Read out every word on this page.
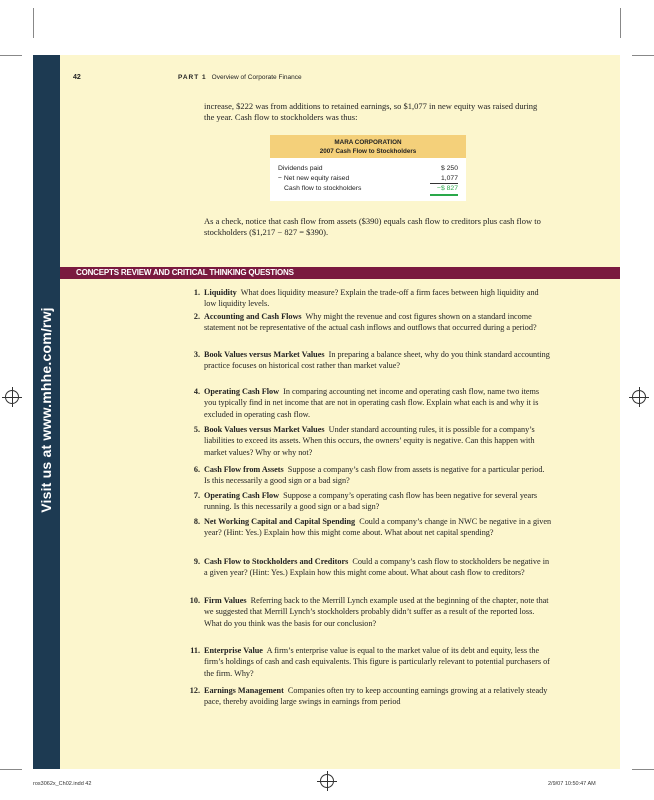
Visit us at www.mhhe.com/rwj
42	PART 1 Overview of Corporate Finance
increase, $222 was from additions to retained earnings, so $1,077 in new equity was raised during the year. Cash flow to stockholders was thus:
MARA CORPORATION
2007 Cash Flow to Stockholders
Dividends paid	$ 250
− Net new equity raised	1,077
Cash flow to stockholders	−$ 827
As a check, notice that cash flow from assets ($390) equals cash flow to creditors plus cash flow to stockholders ($1,217 − 827 = $390).
CONCEPTS REVIEW AND CRITICAL THINKING QUESTIONS
1. Liquidity What does liquidity measure? Explain the trade-off a firm faces between high liquidity and low liquidity levels.
2. Accounting and Cash Flows Why might the revenue and cost figures shown on a standard income statement not be representative of the actual cash inflows and outflows that occurred during a period?
3. Book Values versus Market Values In preparing a balance sheet, why do you think standard accounting practice focuses on historical cost rather than market value?
4. Operating Cash Flow In comparing accounting net income and operating cash flow, name two items you typically find in net income that are not in operating cash flow. Explain what each is and why it is excluded in operating cash flow.
5. Book Values versus Market Values Under standard accounting rules, it is possible for a company’s liabilities to exceed its assets. When this occurs, the owners’ equity is negative. Can this happen with market values? Why or why not?
6. Cash Flow from Assets Suppose a company’s cash flow from assets is negative for a particular period. Is this necessarily a good sign or a bad sign?
7. Operating Cash Flow Suppose a company’s operating cash flow has been negative for several years running. Is this necessarily a good sign or a bad sign?
8. Net Working Capital and Capital Spending Could a company’s change in NWC be negative in a given year? (Hint: Yes.) Explain how this might come about. What about net capital spending?
9. Cash Flow to Stockholders and Creditors Could a company’s cash flow to stockholders be negative in a given year? (Hint: Yes.) Explain how this might come about. What about cash flow to creditors?
10. Firm Values Referring back to the Merrill Lynch example used at the beginning of the chapter, note that we suggested that Merrill Lynch’s stockholders probably didn’t suffer as a result of the reported loss. What do you think was the basis for our conclusion?
11. Enterprise Value A firm’s enterprise value is equal to the market value of its debt and equity, less the firm’s holdings of cash and cash equivalents. This figure is particularly relevant to potential purchasers of the firm. Why?
12. Earnings Management Companies often try to keep accounting earnings growing at a relatively steady pace, thereby avoiding large swings in earnings from period
ros3062x_Ch02.indd 42	2/9/07 10:50:47 AM
